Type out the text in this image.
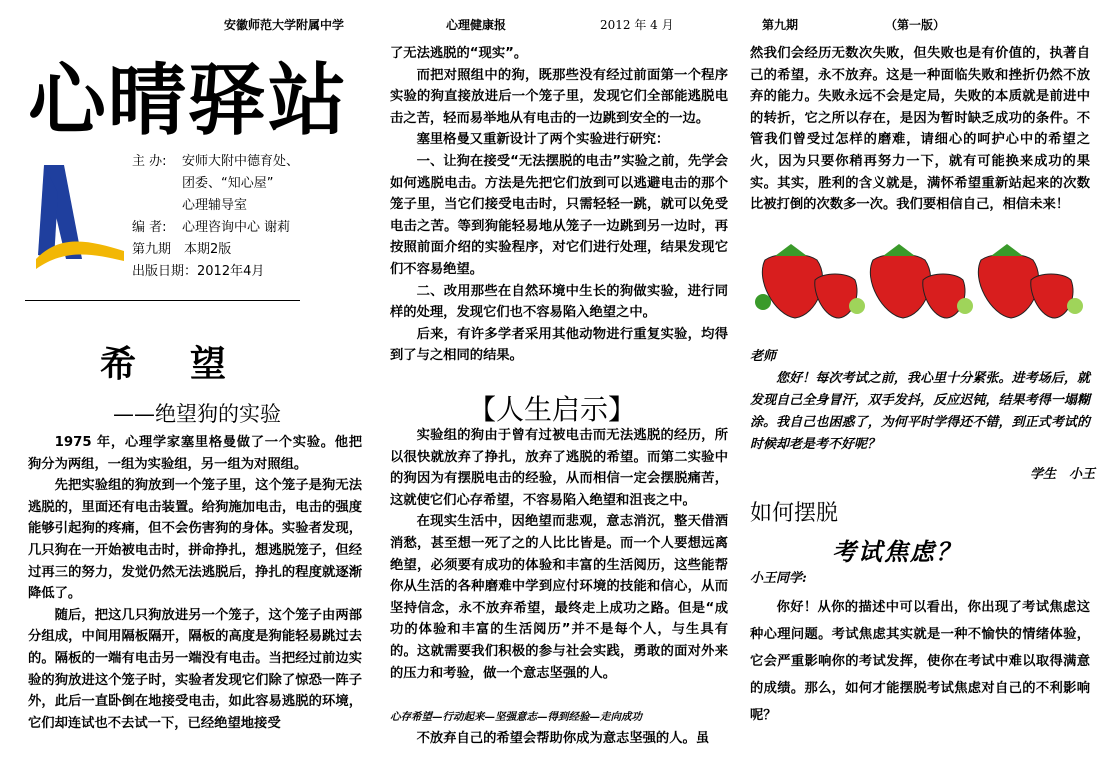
安徽师范大学附属中学	心理健康报	2012 年 4 月	第九期	（第一版）
心晴驿站
主 办: 安师大附中德育处、
团委、“知心屋”
心理辅导室
编 者: 心理咨询中心 谢莉
第九期　本期2版
出版日期：2012年4月
希望
——绝望狗的实验

1975 年，心理学家塞里格曼做了一个实验。他把狗分为两组，一组为实验组，另一组为对照组。

先把实验组的狗放到一个笼子里，这个笼子是狗无法逃脱的，里面还有电击装置。给狗施加电击，电击的强度能够引起狗的疼痛，但不会伤害狗的身体。实验者发现，几只狗在一开始被电击时，拼命挣扎，想逃脱笼子，但经过再三的努力，发觉仍然无法逃脱后，挣扎的程度就逐渐降低了。

随后，把这几只狗放进另一个笼子，这个笼子由两部分组成，中间用隔板隔开，隔板的高度是狗能轻易跳过去的。隔板的一端有电击另一端没有电击。当把经过前边实验的狗放进这个笼子时，实验者发现它们除了惊恐一阵子外，此后一直卧倒在地接受电击，如此容易逃脱的环境，它们却连试也不去试一下，已经绝望地接受

了无法逃脱的“现实”。

而把对照组中的狗，既那些没有经过前面第一个程序实验的狗直接放进后一个笼子里，发现它们全部能逃脱电击之苦，轻而易举地从有电击的一边跳到安全的一边。

塞里格曼又重新设计了两个实验进行研究：

一、让狗在接受“无法摆脱的电击”实验之前，先学会如何逃脱电击。方法是先把它们放到可以逃避电击的那个笼子里，当它们接受电击时，只需轻轻一跳，就可以免受电击之苦。等到狗能轻易地从笼子一边跳到另一边时，再按照前面介绍的实验程序，对它们进行处理，结果发现它们不容易绝望。

二、改用那些在自然环境中生长的狗做实验，进行同样的处理，发现它们也不容易陷入绝望之中。

后来，有许多学者采用其他动物进行重复实验，均得到了与之相同的结果。

【人生启示】

实验组的狗由于曾有过被电击而无法逃脱的经历，所以很快就放弃了挣扎，放弃了逃脱的希望。而第二实验中的狗因为有摆脱电击的经验，从而相信一定会摆脱痛苦，这就使它们心存希望，不容易陷入绝望和沮丧之中。

在现实生活中，因绝望而悲观，意志消沉，整天借酒消愁，甚至想一死了之的人比比皆是。而一个人要想远离绝望，必须要有成功的体验和丰富的生活阅历，这些能帮你从生活的各种磨难中学到应付环境的技能和信心，从而坚持信念，永不放弃希望，最终走上成功之路。但是“成功的体验和丰富的生活阅历”并不是每个人，与生具有的。这就需要我们积极的参与社会实践，勇敢的面对外来的压力和考验，做一个意志坚强的人。

心存希望—行动起来—坚强意志—得到经验—走向成功

不放弃自己的希望会帮助你成为意志坚强的人。虽

然我们会经历无数次失败，但失败也是有价值的，执著自己的希望，永不放弃。这是一种面临失败和挫折仍然不放弃的能力。失败永远不会是定局，失败的本质就是前进中的转折，它之所以存在，是因为暂时缺乏成功的条件。不管我们曾受过怎样的磨难，请细心的呵护心中的希望之火，因为只要你稍再努力一下，就有可能换来成功的果实。其实，胜利的含义就是，满怀希望重新站起来的次数比被打倒的次数多一次。我们要相信自己，相信未来！

老师

您好！每次考试之前，我心里十分紧张。进考场后，就发现自己全身冒汗，双手发抖，反应迟钝，结果考得一塌糊涂。我自己也困惑了，为何平时学得还不错，到正式考试的时候却老是考不好呢？

学生　小王
如何摆脱
考试焦虑？
小王同学:

你好！从你的描述中可以看出，你出现了考试焦虑这种心理问题。考试焦虑其实就是一种不愉快的情绪体验，它会严重影响你的考试发挥，使你在考试中难以取得满意的成绩。那么，如何才能摆脱考试焦虑对自己的不利影响呢？
